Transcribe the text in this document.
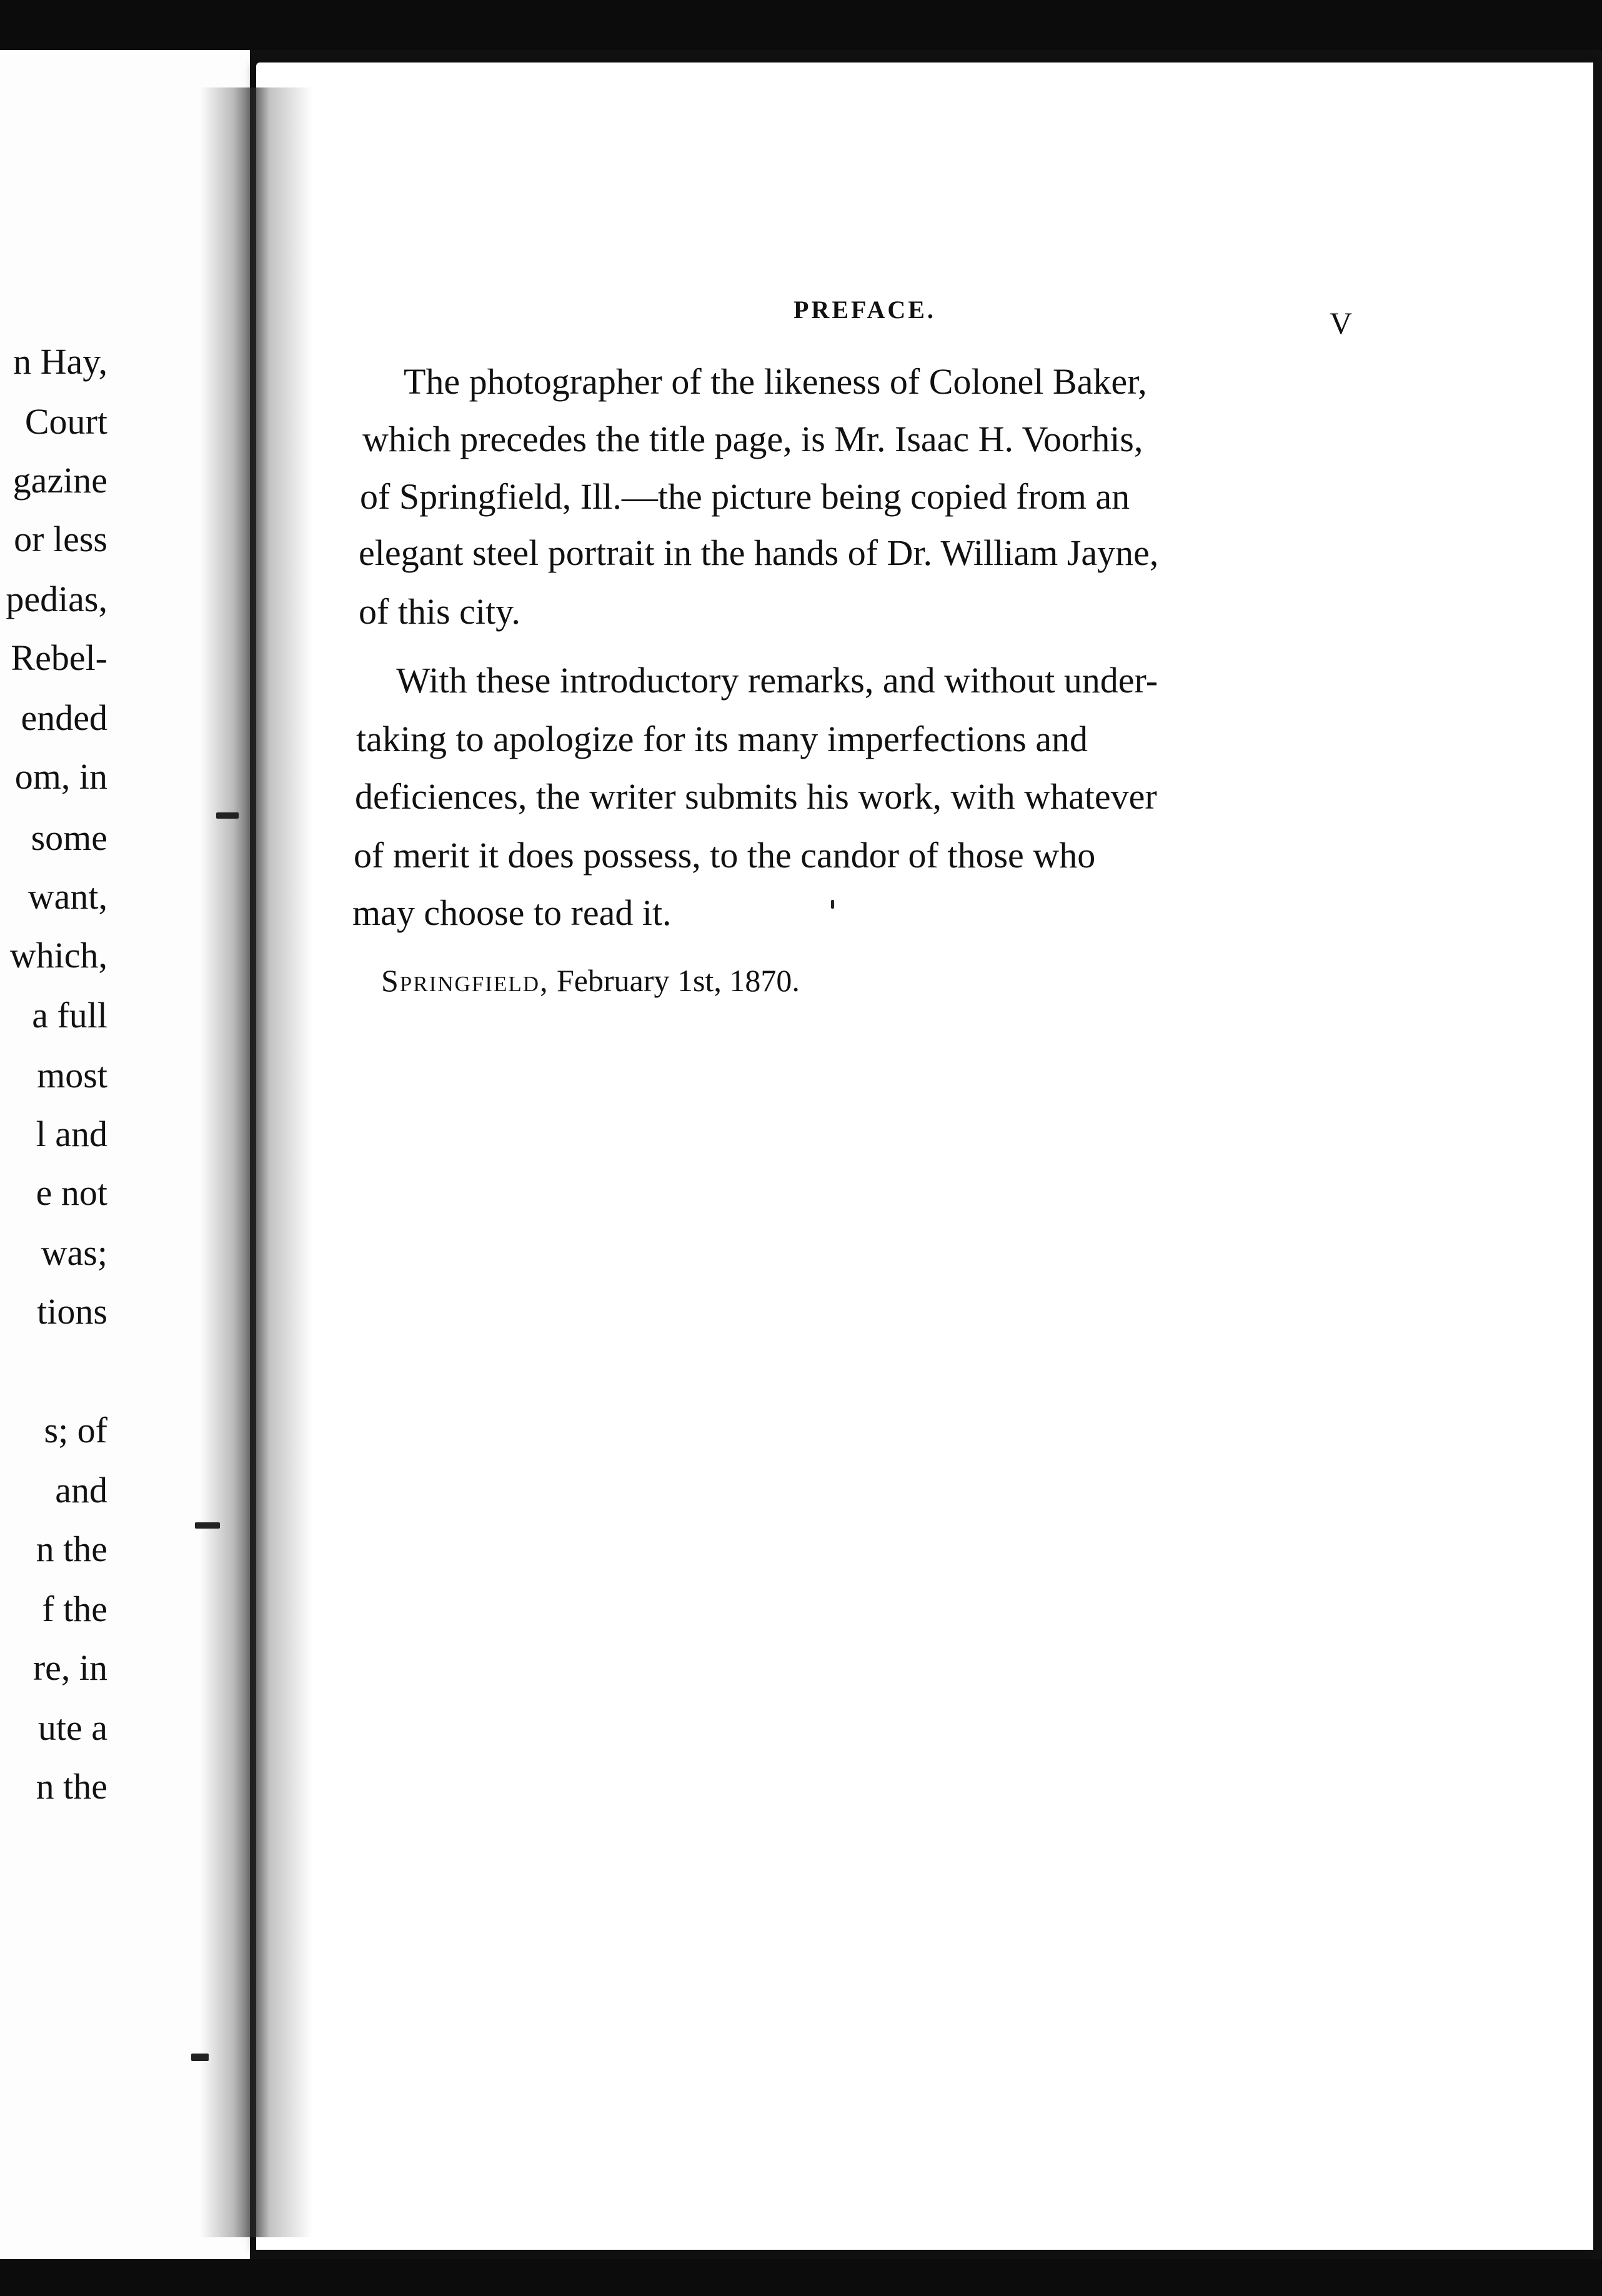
n Hay,
Court
gazine
or less
pedias,
Rebel-
ended
om, in
some
want,
which,
a full
most
l and
e not
was;
tions
s; of
and
n the
f the
re, in
ute a
n the
PREFACE.	V
The photographer of the likeness of Colonel Baker,
which precedes the title page, is Mr. Isaac H. Voorhis,
of Springfield, Ill.—the picture being copied from an
elegant steel portrait in the hands of Dr. William Jayne,
of this city.
With these introductory remarks, and without under-
taking to apologize for its many imperfections and
deficiences, the writer submits his work, with whatever
of merit it does possess, to the candor of those who
may choose to read it.
Springfield, February 1st, 1870.
